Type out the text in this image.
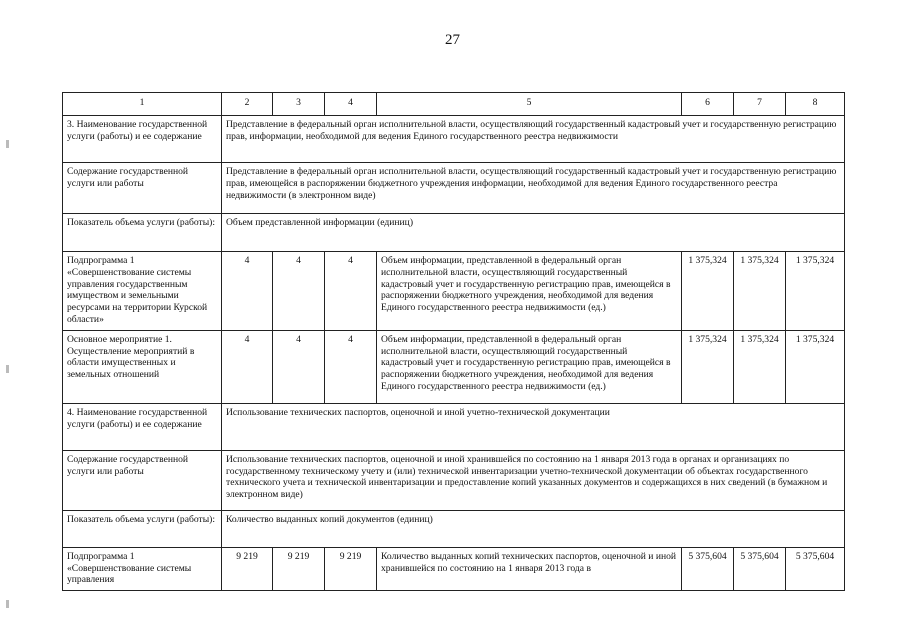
27
1	2	3	4	5	6	7	8
3. Наименование государственной услуги (работы) и ее содержание	Представление в федеральный орган исполнительной власти, осуществляющий государственный кадастровый учет и государственную регистрацию прав, информации, необходимой для ведения Единого государственного реестра недвижимости						
Содержание государственной услуги или работы	Представление в федеральный орган исполнительной власти, осуществляющий государственный кадастровый учет и государственную регистрацию прав, имеющейся в распоряжении бюджетного учреждения информации, необходимой для ведения Единого государственного реестра недвижимости (в электронном виде)						
Показатель объема услуги (работы):	Объем представленной информации (единиц)						
Подпрограмма 1 «Совершенствование системы управления государственным имуществом и земельными ресурсами на территории Курской области»	4	4	4	Объем информации, представленной в федеральный орган исполнительной власти, осуществляющий государственный кадастровый учет и государственную регистрацию прав, имеющейся в распоряжении бюджетного учреждения, необходимой для ведения Единого государственного реестра недвижимости (ед.)	1 375,324	1 375,324	1 375,324
Основное мероприятие 1. Осуществление мероприятий в области имущественных и земельных отношений	4	4	4	Объем информации, представленной в федеральный орган исполнительной власти, осуществляющий государственный кадастровый учет и государственную регистрацию прав, имеющейся в распоряжении бюджетного учреждения, необходимой для ведения Единого государственного реестра недвижимости (ед.)	1 375,324	1 375,324	1 375,324
4. Наименование государственной услуги (работы) и ее содержание	Использование технических паспортов, оценочной и иной учетно-технической документации						
Содержание государственной услуги или работы	Использование технических паспортов, оценочной и иной хранившейся по состоянию на 1 января 2013 года в органах и организациях по государственному техническому учету и (или) технической инвентаризации учетно-технической документации об объектах государственного технического учета и технической инвентаризации и предоставление копий указанных документов и содержащихся в них сведений (в бумажном и электронном виде)						
Показатель объема услуги (работы):	Количество выданных копий документов (единиц)						
Подпрограмма 1 «Совершенствование системы управления	9 219	9 219	9 219	Количество выданных копий технических паспортов, оценочной и иной хранившейся по состоянию на 1 января 2013 года в	5 375,604	5 375,604	5 375,604
